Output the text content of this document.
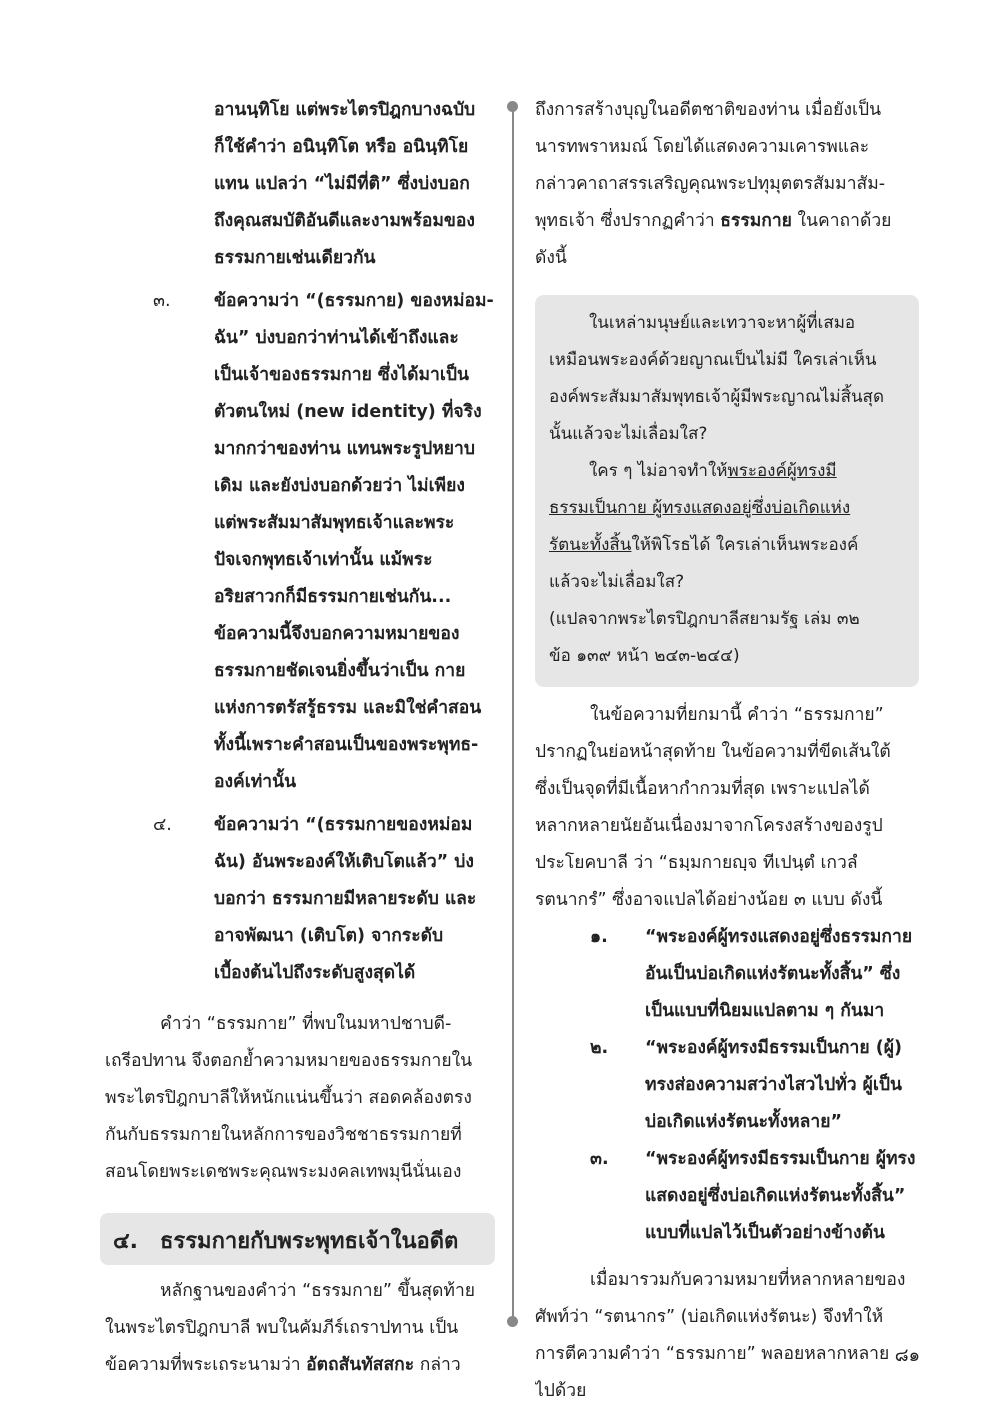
อานนฺทิโย แต่พระไตรปิฎกบางฉบับ
ก็ใช้คำว่า อนินฺทิโต หรือ อนินฺทิโย
แทน แปลว่า “ไม่มีที่ติ” ซึ่งบ่งบอก
ถึงคุณสมบัติอันดีและงามพร้อมของ
ธรรมกายเช่นเดียวกัน
๓. ข้อความว่า “(ธรรมกาย) ของหม่อม-
ฉัน” บ่งบอกว่าท่านได้เข้าถึงและ
เป็นเจ้าของธรรมกาย ซึ่งได้มาเป็น
ตัวตนใหม่ (new identity) ที่จริง
มากกว่าของท่าน แทนพระรูปหยาบ
เดิม และยังบ่งบอกด้วยว่า ไม่เพียง
แต่พระสัมมาสัมพุทธเจ้าและพระ
ปัจเจกพุทธเจ้าเท่านั้น แม้พระ
อริยสาวกก็มีธรรมกายเช่นกัน...
ข้อความนี้จึงบอกความหมายของ
ธรรมกายชัดเจนยิ่งขึ้นว่าเป็น กาย
แห่งการตรัสรู้ธรรม และมิใช่คำสอน
ทั้งนี้เพราะคำสอนเป็นของพระพุทธ-
องค์เท่านั้น
๔. ข้อความว่า “(ธรรมกายของหม่อม
ฉัน) อันพระองค์ให้เติบโตแล้ว” บ่ง
บอกว่า ธรรมกายมีหลายระดับ และ
อาจพัฒนา (เติบโต) จากระดับ
เบื้องต้นไปถึงระดับสูงสุดได้
คำว่า “ธรรมกาย” ที่พบในมหาปชาบดี-
เถรีอปทาน จึงตอกย้ำความหมายของธรรมกายใน
พระไตรปิฎกบาลีให้หนักแน่นขึ้นว่า สอดคล้องตรง
กันกับธรรมกายในหลักการของวิชชาธรรมกายที่
สอนโดยพระเดชพระคุณพระมงคลเทพมุนีนั่นเอง
๔. ธรรมกายกับพระพุทธเจ้าในอดีต
หลักฐานของคำว่า “ธรรมกาย” ขึ้นสุดท้าย
ในพระไตรปิฎกบาลี พบในคัมภีร์เถราปทาน เป็น
ข้อความที่พระเถระนามว่า อัตถสันทัสสกะ กล่าว
ถึงการสร้างบุญในอดีตชาติของท่าน เมื่อยังเป็น
นารทพราหมณ์ โดยได้แสดงความเคารพและ
กล่าวคาถาสรรเสริญคุณพระปทุมุตตรสัมมาสัม-
พุทธเจ้า ซึ่งปรากฏคำว่า ธรรมกาย ในคาถาด้วย
ดังนี้
ในเหล่ามนุษย์และเทวาจะหาผู้ที่เสมอ
เหมือนพระองค์ด้วยญาณเป็นไม่มี ใครเล่าเห็น
องค์พระสัมมาสัมพุทธเจ้าผู้มีพระญาณไม่สิ้นสุด
นั้นแล้วจะไม่เลื่อมใส?
ใคร ๆ ไม่อาจทำให้พระองค์ผู้ทรงมี
ธรรมเป็นกาย ผู้ทรงแสดงอยู่ซึ่งบ่อเกิดแห่ง
รัตนะทั้งสิ้นให้พิโรธได้ ใครเล่าเห็นพระองค์
แล้วจะไม่เลื่อมใส?
(แปลจากพระไตรปิฎกบาลีสยามรัฐ เล่ม ๓๒
ข้อ ๑๓๙ หน้า ๒๔๓-๒๔๔)
ในข้อความที่ยกมานี้ คำว่า “ธรรมกาย”
ปรากฏในย่อหน้าสุดท้าย ในข้อความที่ขีดเส้นใต้
ซึ่งเป็นจุดที่มีเนื้อหากำกวมที่สุด เพราะแปลได้
หลากหลายนัยอันเนื่องมาจากโครงสร้างของรูป
ประโยคบาลี ว่า “ธมฺมกายญฺจ ทีเปนฺตํ เกวลํ
รตนากรํ” ซึ่งอาจแปลได้อย่างน้อย ๓ แบบ ดังนี้
๑. “พระองค์ผู้ทรงแสดงอยู่ซึ่งธรรมกาย
อันเป็นบ่อเกิดแห่งรัตนะทั้งสิ้น” ซึ่ง
เป็นแบบที่นิยมแปลตาม ๆ กันมา
๒. “พระองค์ผู้ทรงมีธรรมเป็นกาย (ผู้)
ทรงส่องความสว่างไสวไปทั่ว ผู้เป็น
บ่อเกิดแห่งรัตนะทั้งหลาย”
๓. “พระองค์ผู้ทรงมีธรรมเป็นกาย ผู้ทรง
แสดงอยู่ซึ่งบ่อเกิดแห่งรัตนะทั้งสิ้น”
แบบที่แปลไว้เป็นตัวอย่างข้างต้น
เมื่อมารวมกับความหมายที่หลากหลายของ
ศัพท์ว่า “รตนากร” (บ่อเกิดแห่งรัตนะ) จึงทำให้
การตีความคำว่า “ธรรมกาย” พลอยหลากหลาย
ไปด้วย
๘๑
